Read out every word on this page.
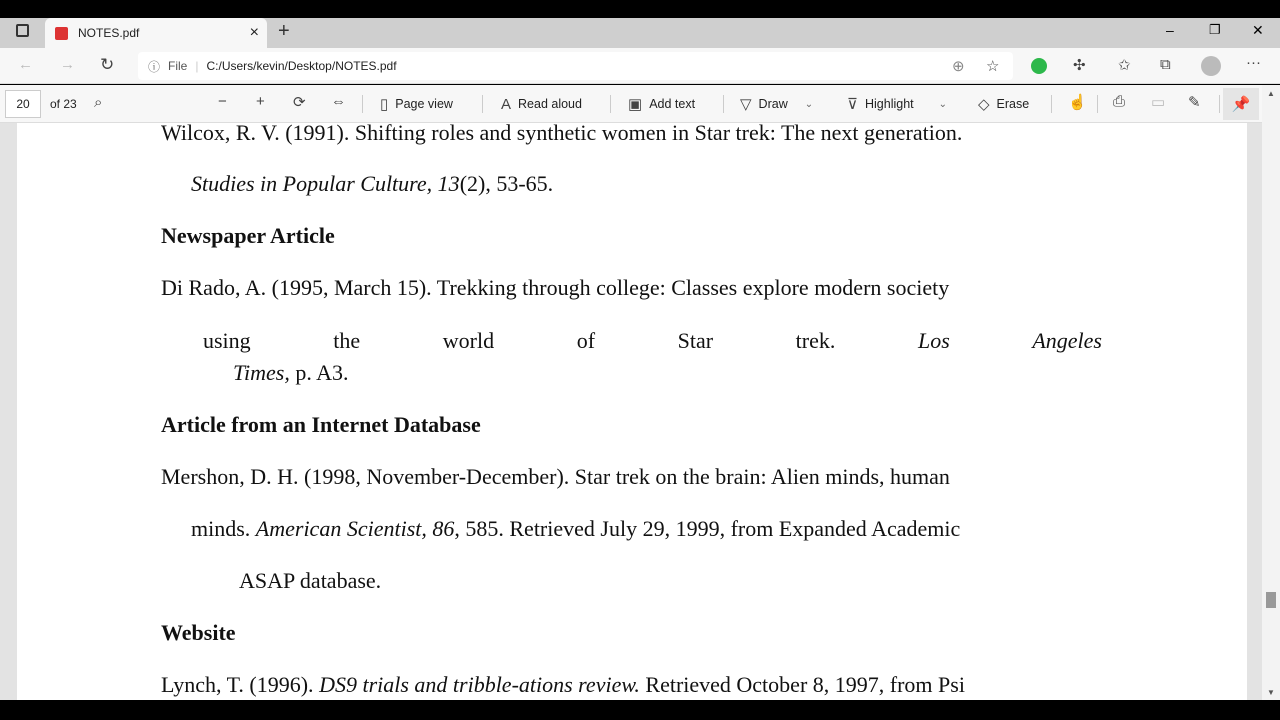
–	❐ ✕
+
NOTES.pdf	×
← → ↻	✣ ✩ ⧉	···
ⓘ File | C:/Users/kevin/Desktop/NOTES.pdf	⊕ ☆
20	of 23 ⌕	− + ⟳ ⇔ ▯ Page view	A Read aloud	▣ Add text	▽ Draw ⌄ ⊽ Highlight	⌄ ◇ Erase	☝ ⎙ ▭ ✎	📌
Wilcox, R. V. (1991). Shifting roles and synthetic women in Star trek: The next generation.
Studies in Popular Culture, 13(2), 53-65.
Newspaper Article
Di Rado, A. (1995, March 15). Trekking through college: Classes explore modern society
using	the	world	of	Star	trek.	Los	Angeles
Times, p. A3.
Article from an Internet Database
Mershon, D. H. (1998, November-December). Star trek on the brain: Alien minds, human
minds. American Scientist, 86, 585. Retrieved July 29, 1999, from Expanded Academic
ASAP database.
Website
Lynch, T. (1996). DS9 trials and tribble-ations review. Retrieved October 8, 1997, from Psi
▲
▼
